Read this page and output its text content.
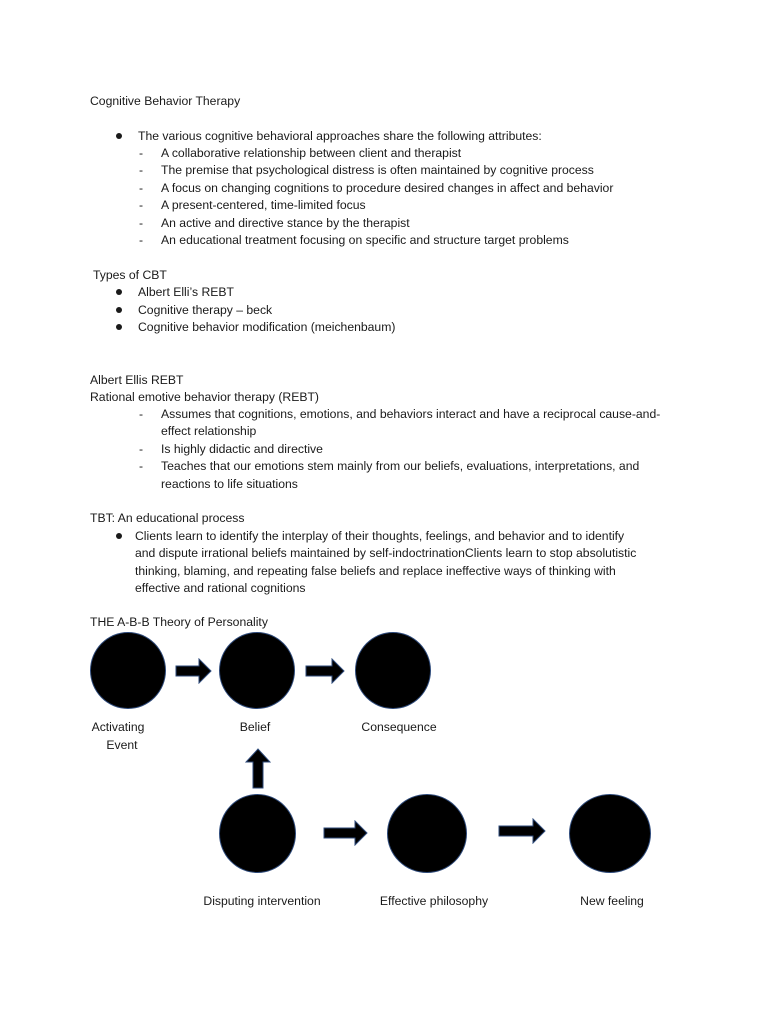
Cognitive Behavior Therapy
The various cognitive behavioral approaches share the following attributes:
- A collaborative relationship between client and therapist
- The premise that psychological distress is often maintained by cognitive process
- A focus on changing cognitions to procedure desired changes in affect and behavior
- A present-centered, time-limited focus
- An active and directive stance by the therapist
- An educational treatment focusing on specific and structure target problems
Types of CBT
Albert Elli’s REBT
Cognitive therapy – beck
Cognitive behavior modification (meichenbaum)
Albert Ellis REBT
Rational emotive behavior therapy (REBT)
- Assumes that cognitions, emotions, and behaviors interact and have a reciprocal cause-and-
effect relationship
- Is highly didactic and directive
- Teaches that our emotions stem mainly from our beliefs, evaluations, interpretations, and
reactions to life situations
TBT: An educational process
Clients learn to identify the interplay of their thoughts, feelings, and behavior and to identify
and dispute irrational beliefs maintained by self-indoctrinationClients learn to stop absolutistic
thinking, blaming, and repeating false beliefs and replace ineffective ways of thinking with
effective and rational cognitions
THE A-B-B Theory of Personality
Activating
Event
Belief	Consequence
Disputing intervention	Effective philosophy	New feeling
